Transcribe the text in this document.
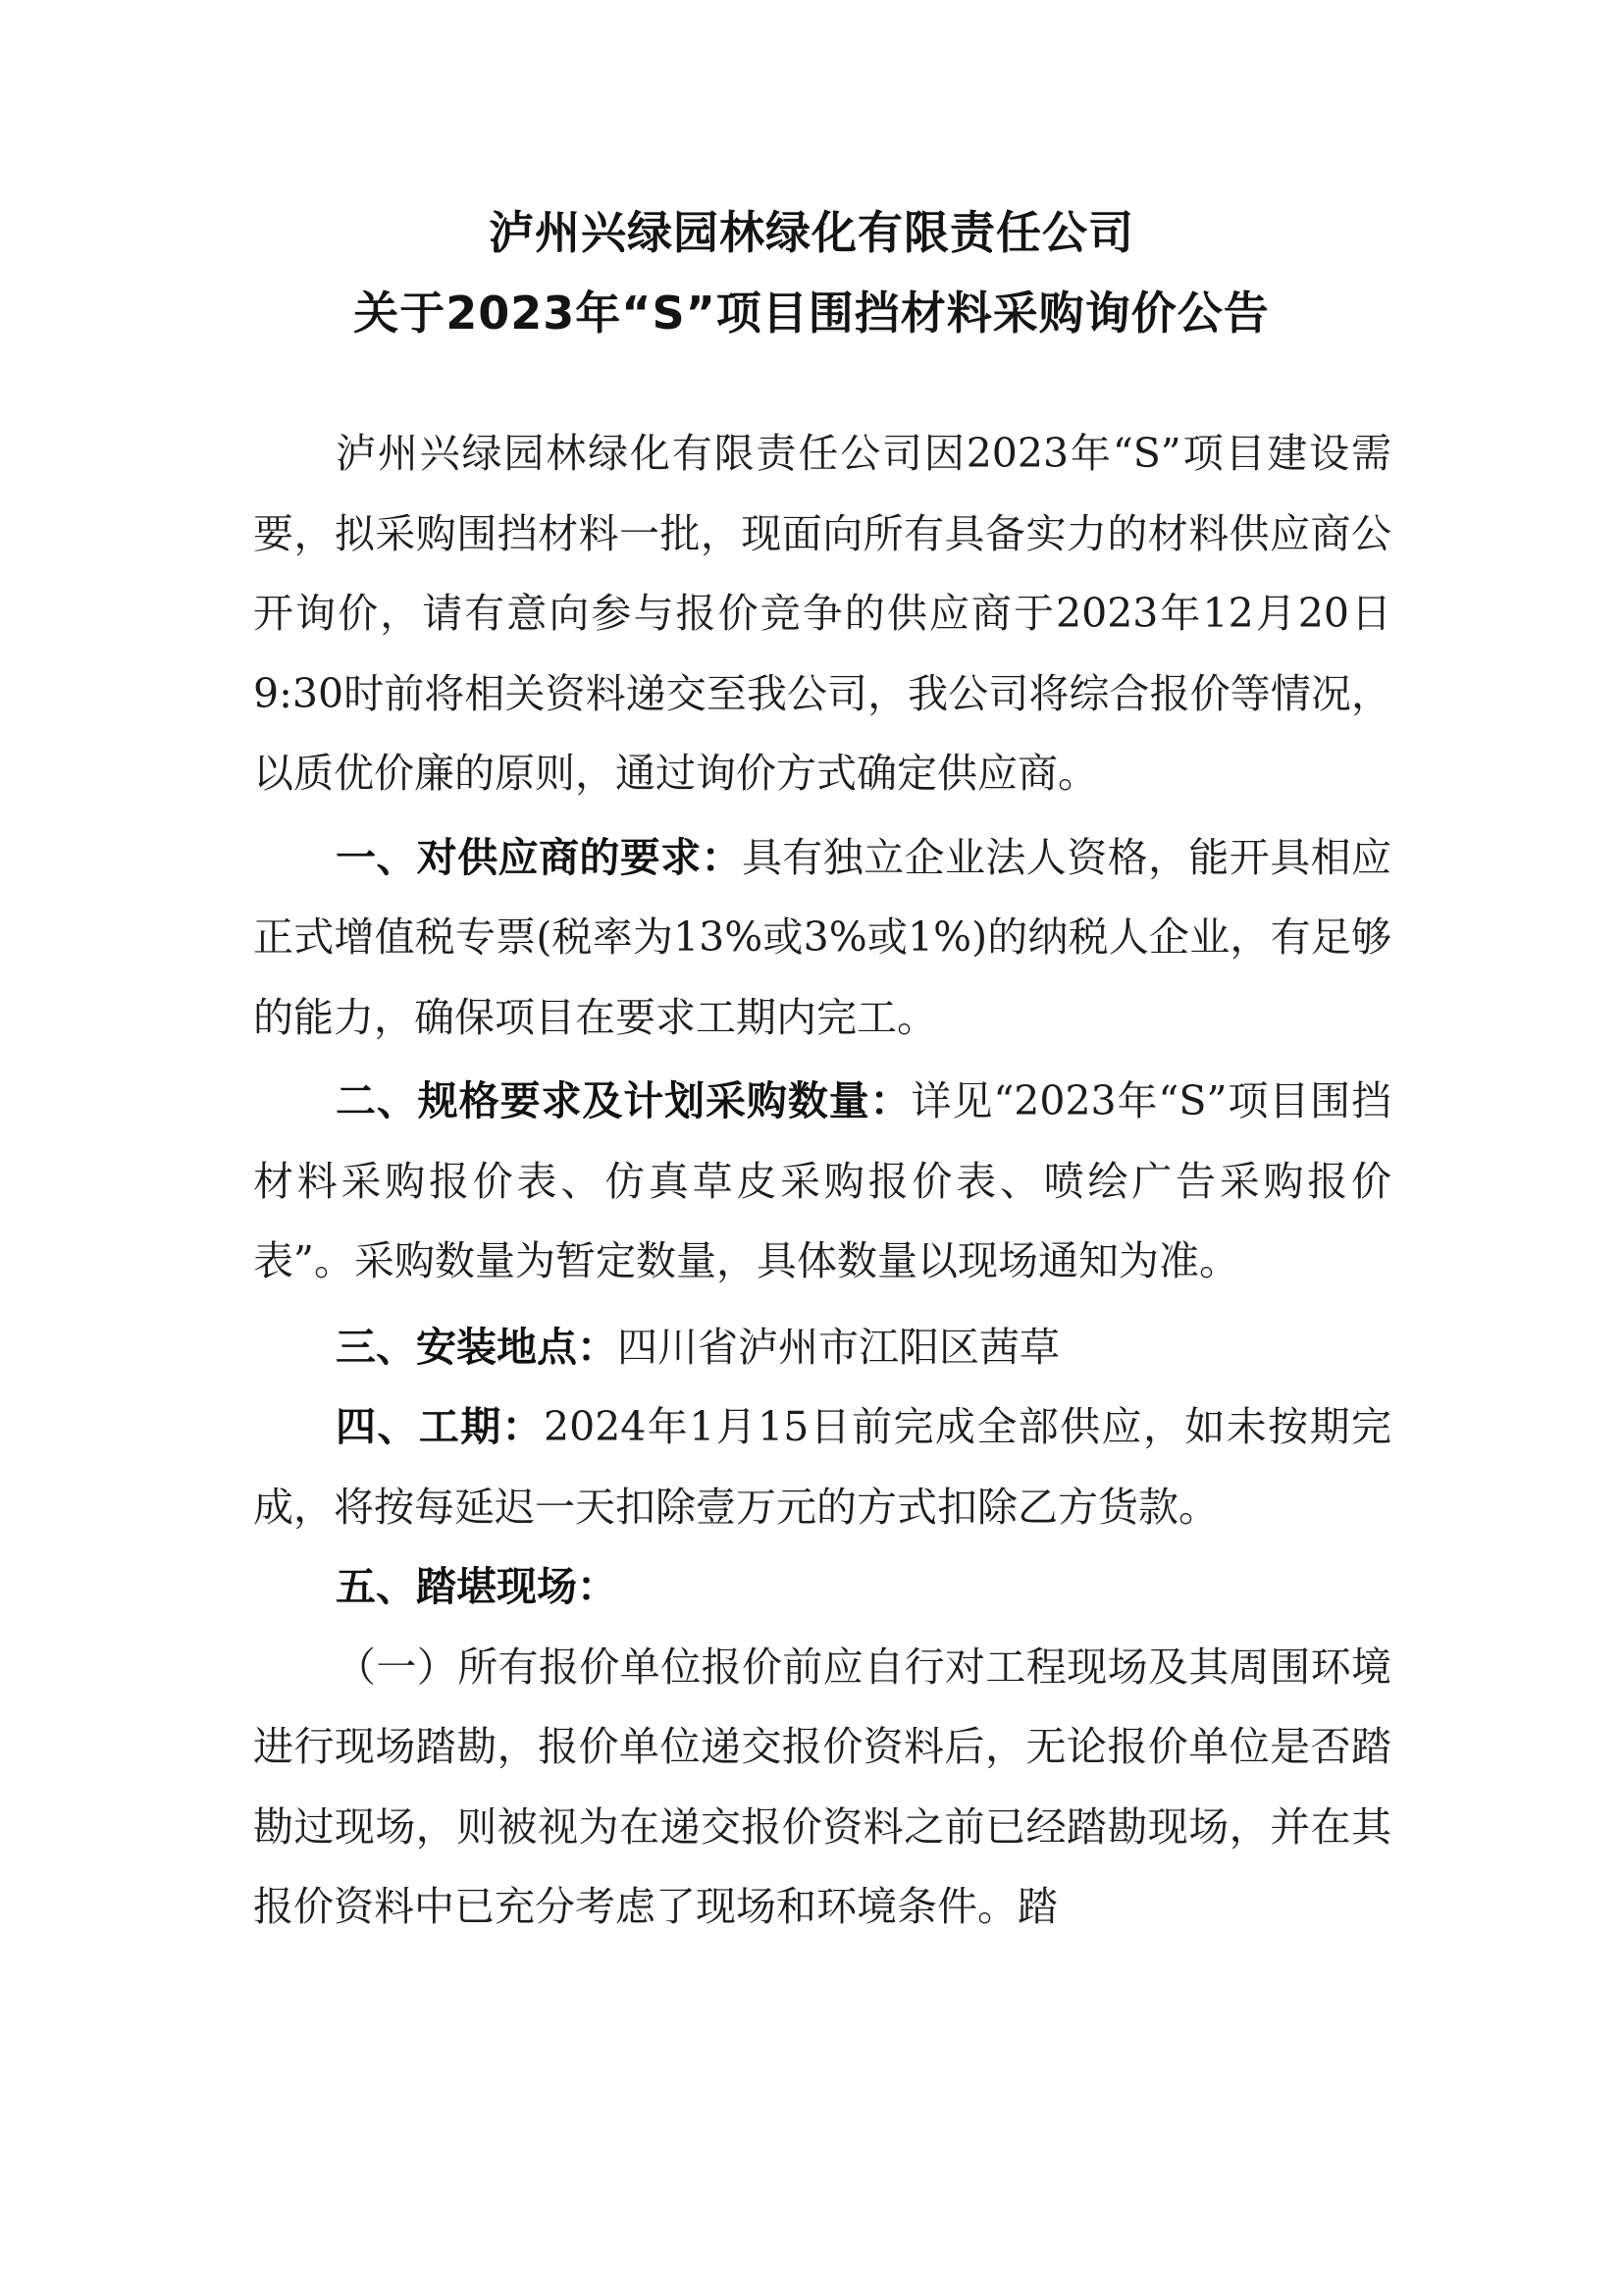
泸州兴绿园林绿化有限责任公司
关于2023年“S”项目围挡材料采购询价公告

泸州兴绿园林绿化有限责任公司因2023年“S”项目建设需要，拟采购围挡材料一批，现面向所有具备实力的材料供应商公开询价，请有意向参与报价竞争的供应商于2023年12月20日9:30时前将相关资料递交至我公司，我公司将综合报价等情况，以质优价廉的原则，通过询价方式确定供应商。

一、对供应商的要求：具有独立企业法人资格，能开具相应正式增值税专票(税率为13%或3%或1%)的纳税人企业，有足够的能力，确保项目在要求工期内完工。

二、规格要求及计划采购数量：详见“2023年“S”项目围挡材料采购报价表、仿真草皮采购报价表、喷绘广告采购报价表”。采购数量为暂定数量，具体数量以现场通知为准。

三、安装地点：四川省泸州市江阳区茜草

四、工期：2024年1月15日前完成全部供应，如未按期完成，将按每延迟一天扣除壹万元的方式扣除乙方货款。

五、踏堪现场：

（一）所有报价单位报价前应自行对工程现场及其周围环境进行现场踏勘，报价单位递交报价资料后，无论报价单位是否踏勘过现场，则被视为在递交报价资料之前已经踏勘现场，并在其报价资料中已充分考虑了现场和环境条件。踏
